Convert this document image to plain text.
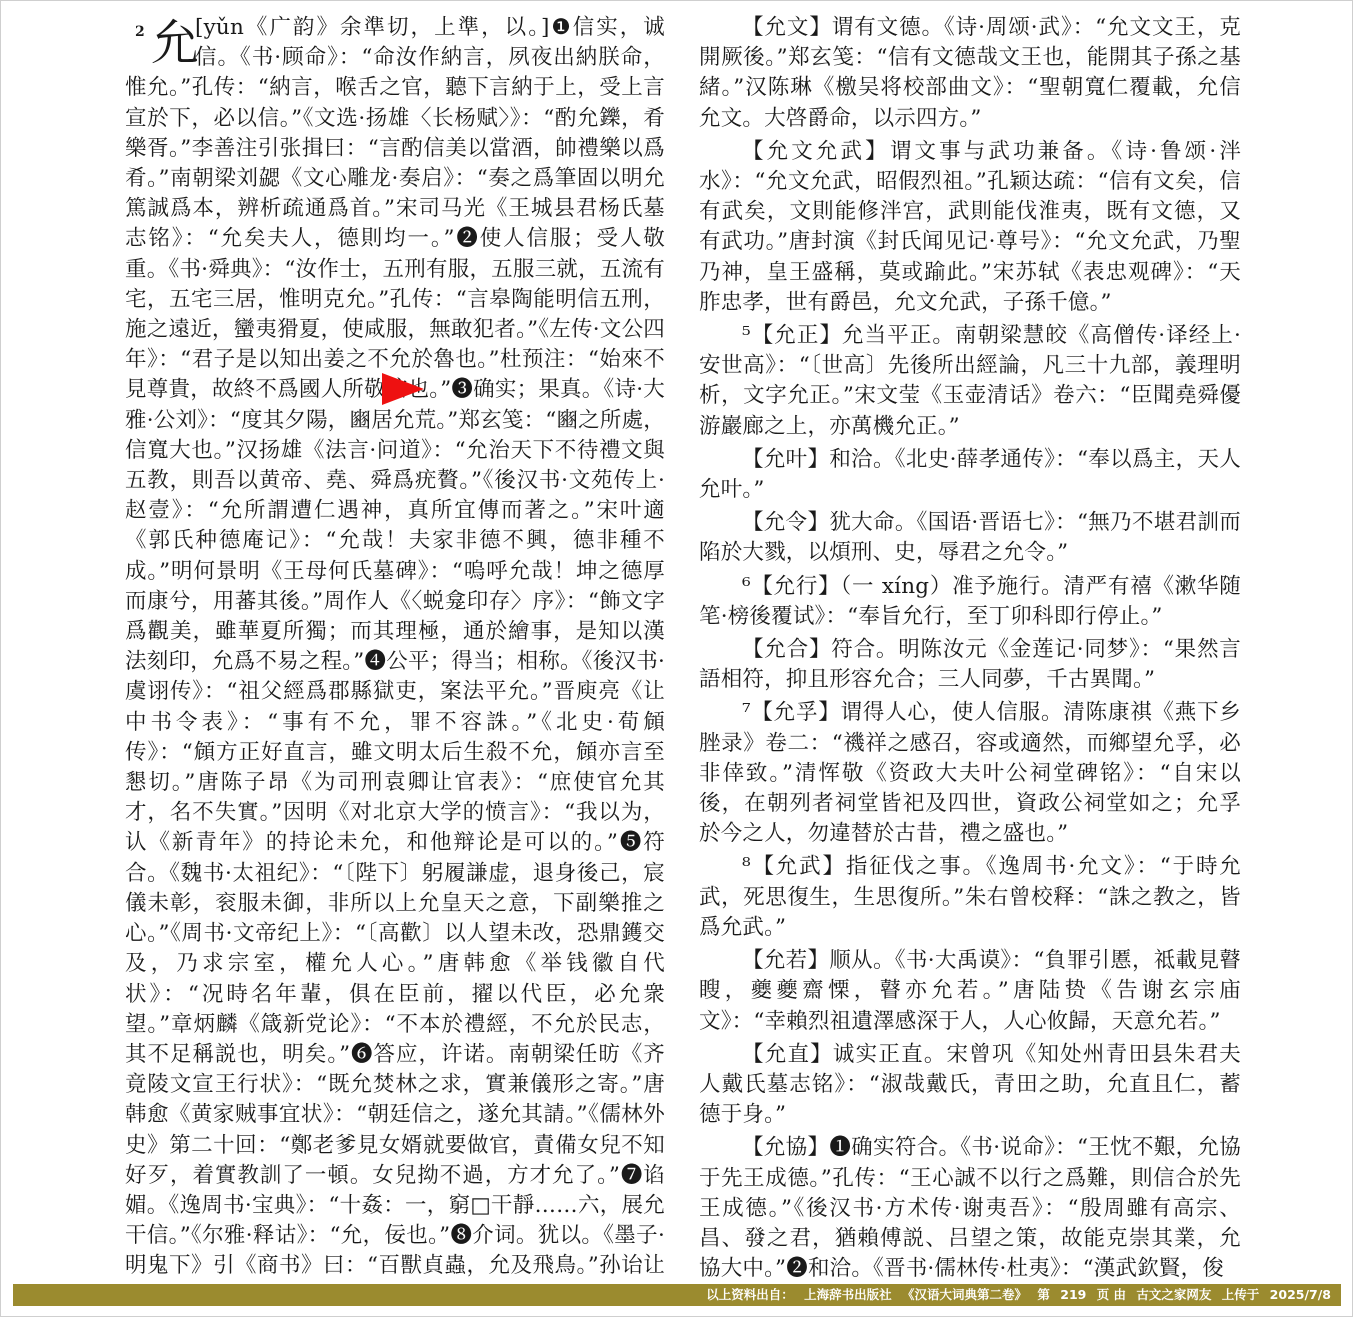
2 允

[yǔn《广韵》余準切，上準，以。]❶信实，诚信。《书·顾命》：“命汝作納言，夙夜出納朕命，惟允。”孔传：“納言，喉舌之官，聽下言納于上，受上言宣於下，必以信。”《文选·扬雄〈长杨赋〉》：“酌允鑠，肴樂胥。”李善注引张揖曰：“言酌信美以當酒，帥禮樂以爲肴。”南朝梁刘勰《文心雕龙·奏启》：“奏之爲筆固以明允篤誠爲本，辨析疏通爲首。”宋司马光《王城县君杨氏墓志铭》：“允矣夫人，德則均一。”❷使人信服；受人敬重。《书·舜典》：“汝作士，五刑有服，五服三就，五流有宅，五宅三居，惟明克允。”孔传：“言皋陶能明信五刑，施之遠近，蠻夷猾夏，使咸服，無敢犯者。”《左传·文公四年》：“君子是以知出姜之不允於魯也。”杜预注：“始來不見尊貴，故終不爲國人所敬信也。”❸确实；果真。《诗·大雅·公刘》：“度其夕陽，豳居允荒。”郑玄笺：“豳之所處，信寬大也。”汉扬雄《法言·问道》：“允治天下不待禮文與五教，則吾以黄帝、堯、舜爲疣贅。”《後汉书·文苑传上·赵壹》：“允所謂遭仁遇神，真所宜傳而著之。”宋叶適《郭氏种德庵记》：“允哉！夫家非德不興，德非種不成。”明何景明《王母何氏墓碑》：“嗚呼允哉！坤之德厚而康兮，用蕃其後。”周作人《〈蜕龛印存〉序》：“飾文字爲觀美，雖華夏所獨；而其理極，通於繪事，是知以漢法刻印，允爲不易之程。”❹公平；得当；相称。《後汉书·虞诩传》：“祖父經爲郡縣獄吏，案法平允。”晋庾亮《让中书令表》：“事有不允，罪不容誅。”《北史·荀頠传》：“頠方正好直言，雖文明太后生殺不允，頠亦言至懇切。”唐陈子昂《为司刑袁卿让官表》：“庶使官允其才，名不失實。”因明《对北京大学的愤言》：“我以为，认《新青年》的持论未允，和他辩论是可以的。”❺符合。《魏书·太祖纪》：“〔陛下〕躬履謙虚，退身後己，宸儀未彰，衮服未御，非所以上允皇天之意，下副樂推之心。”《周书·文帝纪上》：“〔高歡〕以人望未改，恐鼎鑊交及，乃求宗室，權允人心。”唐韩愈《举钱徽自代状》：“况時名年輩，俱在臣前，擢以代臣，必允衆望。”章炳麟《箴新党论》：“不本於禮經，不允於民志，其不足稱説也，明矣。”❻答应，许诺。南朝梁任昉《齐竟陵文宣王行状》：“既允焚林之求，實兼儀形之寄。”唐韩愈《黄家贼事宜状》：“朝廷信之，遂允其請。”《儒林外史》第二十回：“鄭老爹見女婿就要做官，責備女兒不知好歹，着實教訓了一頓。女兒拗不過，方才允了。”❼谄媚。《逸周书·宝典》：“十姦：一，窮□干靜……六，展允干信。”《尔雅·释诂》：“允，佞也。”❽介词。犹以。《墨子·明鬼下》引《商书》曰：“百獸貞蟲，允及飛鳥。”孙诒让

【允文】谓有文德。《诗·周颂·武》：“允文文王，克開厥後。”郑玄笺：“信有文德哉文王也，能開其子孫之基緒。”汉陈琳《檄吴将校部曲文》：“聖朝寬仁覆載，允信允文。大啓爵命，以示四方。”

【允文允武】谓文事与武功兼备。《诗·鲁颂·泮水》：“允文允武，昭假烈祖。”孔颖达疏：“信有文矣，信有武矣，文則能修泮宫，武則能伐淮夷，既有文德，又有武功。”唐封演《封氏闻见记·尊号》：“允文允武，乃聖乃神，皇王盛稱，莫或踰此。”宋苏轼《表忠观碑》：“天胙忠孝，世有爵邑，允文允武，子孫千億。”

⁵【允正】允当平正。南朝梁慧皎《高僧传·译经上·安世高》：“〔世高〕先後所出經論，凡三十九部，義理明析，文字允正。”宋文莹《玉壶清话》卷六：“臣聞堯舜優游巖廊之上，亦萬機允正。”

【允叶】和洽。《北史·薛孝通传》：“奉以爲主，天人允叶。”

【允令】犹大命。《国语·晋语七》：“無乃不堪君訓而陷於大戮，以煩刑、史，辱君之允令。”

⁶【允行】（一 xíng）准予施行。清严有禧《漱华随笔·榜後覆试》：“奉旨允行，至丁卯科即行停止。”

【允合】符合。明陈汝元《金莲记·同梦》：“果然言語相符，抑且形容允合；三人同夢，千古異聞。”

⁷【允孚】谓得人心，使人信服。清陈康祺《燕下乡脞录》卷二：“禨祥之感召，容或適然，而鄉望允孚，必非倖致。”清恽敬《资政大夫叶公祠堂碑铭》：“自宋以後，在朝列者祠堂皆祀及四世，資政公祠堂如之；允孚於今之人，勿違替於古昔，禮之盛也。”

⁸【允武】指征伐之事。《逸周书·允文》：“于時允武，死思復生，生思復所。”朱右曾校释：“誅之教之，皆爲允武。”

【允若】顺从。《书·大禹谟》：“負罪引慝，祗載見瞽瞍，夔夔齋慄，瞽亦允若。”唐陆贽《告谢玄宗庙文》：“幸賴烈祖遺澤感深于人，人心攸歸，天意允若。”

【允直】诚实正直。宋曾巩《知处州青田县朱君夫人戴氏墓志铭》：“淑哉戴氏，青田之助，允直且仁，蓄德于身。”

【允協】❶确实符合。《书·说命》：“王忱不艱，允協于先王成德。”孔传：“王心誠不以行之爲難，則信合於先王成德。”《後汉书·方术传·谢夷吾》：“殷周雖有高宗、昌、發之君，猶賴傅説、吕望之策，故能克崇其業，允協大中。”❷和洽。《晋书·儒林传·杜夷》：“漢武欽賢，俊

以上资料出自： 上海辞书出版社 《汉语大词典第二卷》 第 219 页 由 古文之家网友 上传于 2025/7/8
